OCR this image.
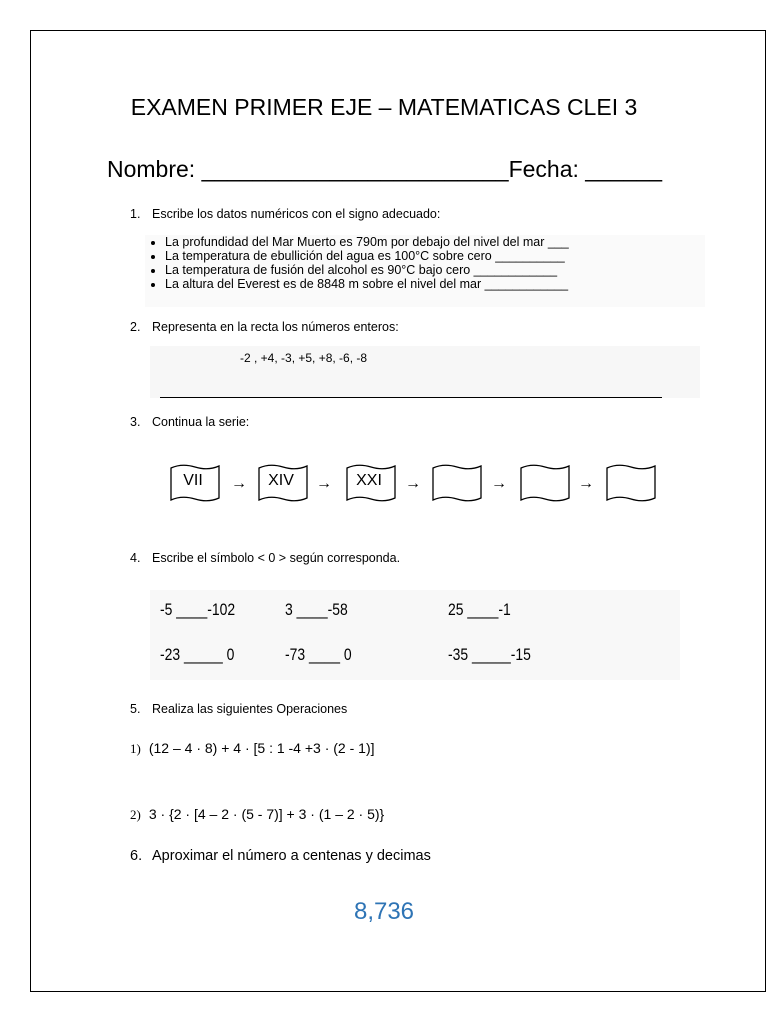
EXAMEN PRIMER EJE – MATEMATICAS CLEI 3
Nombre: ________________________Fecha: ______
1. Escribe los datos numéricos con el signo adecuado:
• La profundidad del Mar Muerto es 790m por debajo del nivel del mar ___
• La temperatura de ebullición del agua es 100°C sobre cero __________
• La temperatura de fusión del alcohol es 90°C bajo cero ____________
• La altura del Everest es de 8848 m sobre el nivel del mar ____________
2. Representa en la recta los números enteros:
-2 , +4, -3, +5, +8, -6, -8
3. Continua la serie:
VII	→	XIV	→	XXI	→	→	→
4. Escribe el símbolo < 0 > según corresponda.
-5 ____-102	3 ____-58	25 ____-1
-23 _____ 0	-73 ____ 0	-35 _____-15
5. Realiza las siguientes Operaciones
1) (12 – 4 · 8) + 4 · [5 : 1 -4 +3 · (2 - 1)]
2) 3 · {2 · [4 – 2 · (5 - 7)] + 3 · (1 – 2 · 5)}
6. Aproximar el número a centenas y decimas
8,736
